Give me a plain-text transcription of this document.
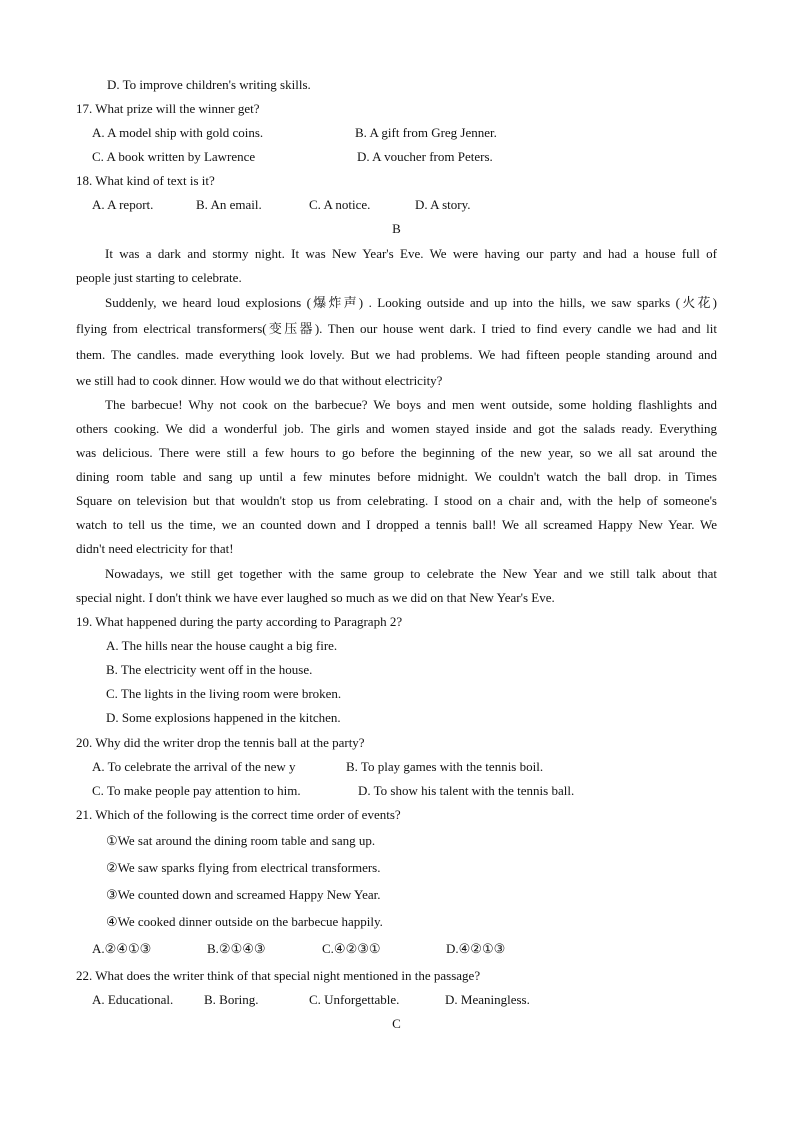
D. To improve children's writing skills.
17. What prize will the winner get?
A. A model ship with gold coins.	B. A gift from Greg Jenner.
C. A book written by Lawrence	D. A voucher from Peters.
18. What kind of text is it?
A. A report.	B. An email.	C. A notice.	D. A story.
B
It was a dark and stormy night. It was New Year's Eve. We were having our party and had a house full of
people just starting to celebrate.
Suddenly, we heard loud explosions (爆炸声) . Looking outside and up into the hills, we saw sparks (火花)
flying from electrical transformers(变压器). Then our house went dark. I tried to find every candle we had and lit
them. The candles. made everything look lovely. But we had problems. We had fifteen people standing around and
we still had to cook dinner. How would we do that without electricity?
The barbecue! Why not cook on the barbecue? We boys and men went outside, some holding flashlights and
others cooking. We did a wonderful job. The girls and women stayed inside and got the salads ready. Everything
was delicious. There were still a few hours to go before the beginning of the new year, so we all sat around the
dining room table and sang up until a few minutes before midnight. We couldn't watch the ball drop. in Times
Square on television but that wouldn't stop us from celebrating. I stood on a chair and, with the help of someone's
watch to tell us the time, we an counted down and I dropped a tennis ball! We all screamed Happy New Year. We
didn't need electricity for that!
Nowadays, we still get together with the same group to celebrate the New Year and we still talk about that
special night. I don't think we have ever laughed so much as we did on that New Year's Eve.
19. What happened during the party according to Paragraph 2?
A. The hills near the house caught a big fire.
B. The electricity went off in the house.
C. The lights in the living room were broken.
D. Some explosions happened in the kitchen.
20. Why did the writer drop the tennis ball at the party?
A. To celebrate the arrival of the new y	B. To play games with the tennis boil.
C. To make people pay attention to him.	D. To show his talent with the tennis ball.
21. Which of the following is the correct time order of events?
①We sat around the dining room table and sang up.
②We saw sparks flying from electrical transformers.
③We counted down and screamed Happy New Year.
④We cooked dinner outside on the barbecue happily.
A.②④①③	B.②①④③	C.④②③①	D.④②①③
22. What does the writer think of that special night mentioned in the passage?
A. Educational. B. Boring.	C. Unforgettable.	D. Meaningless.
C
